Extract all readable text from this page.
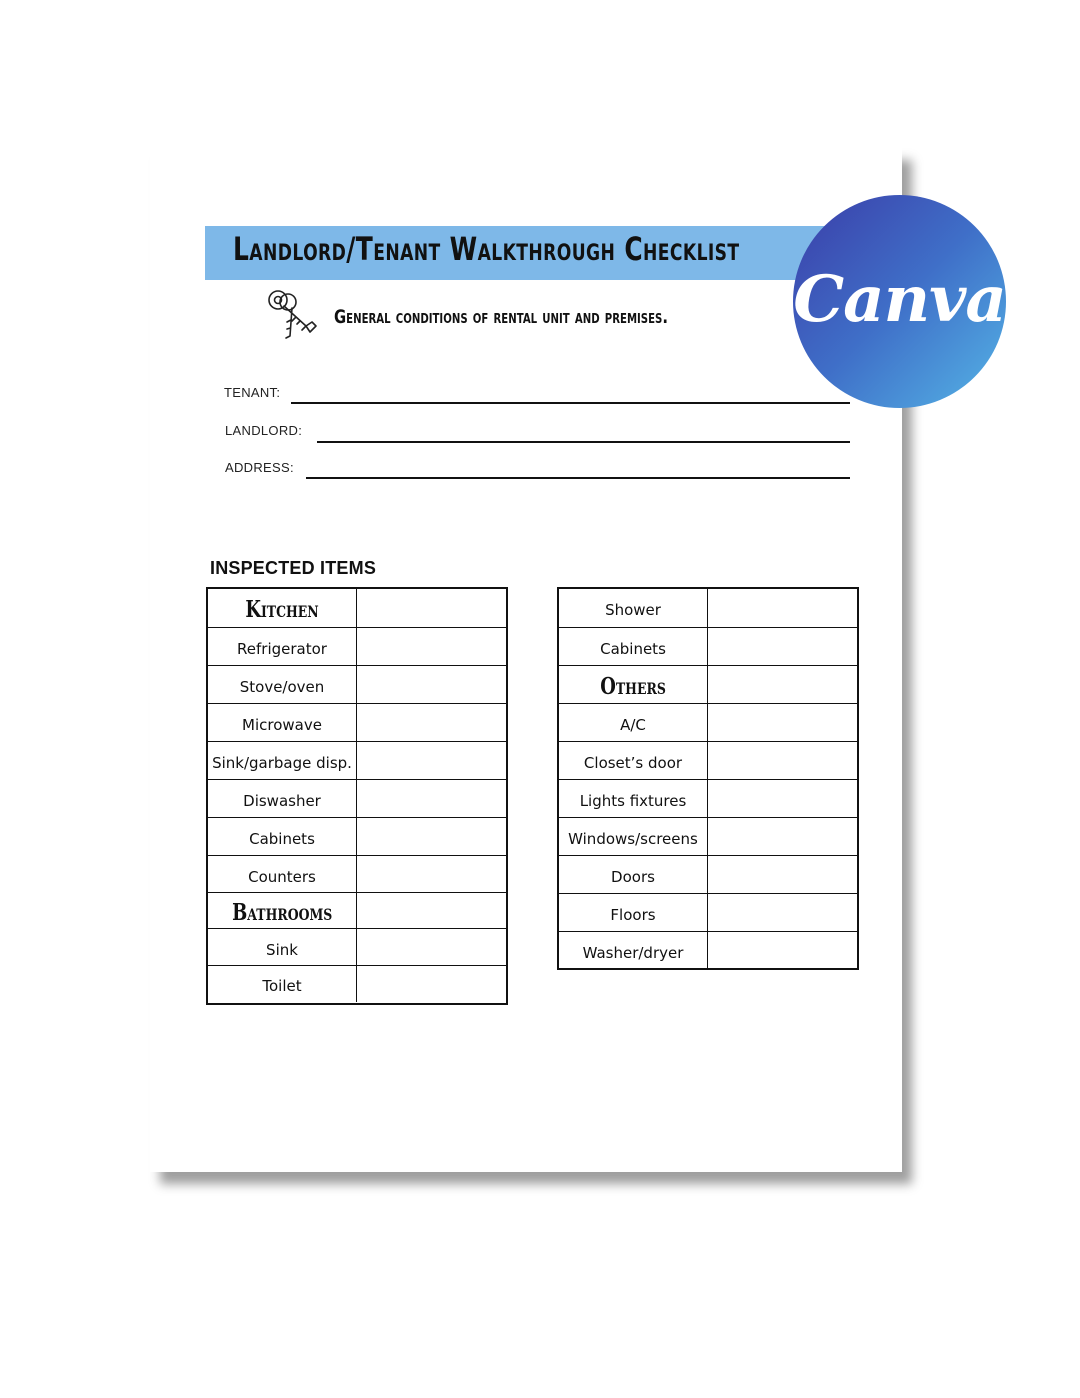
Landlord/Tenant Walkthrough Checklist
General conditions of rental unit and premises.
TENANT:
LANDLORD:
ADDRESS:
INSPECTED ITEMS
Kitchen
Refrigerator
Stove/oven
Microwave
Sink/garbage disp.
Diswasher
Cabinets
Counters
Bathrooms
Sink
Toilet
Shower
Cabinets
Others
A/C
Closet’s door
Lights fixtures
Windows/screens
Doors
Floors
Washer/dryer
Canva
